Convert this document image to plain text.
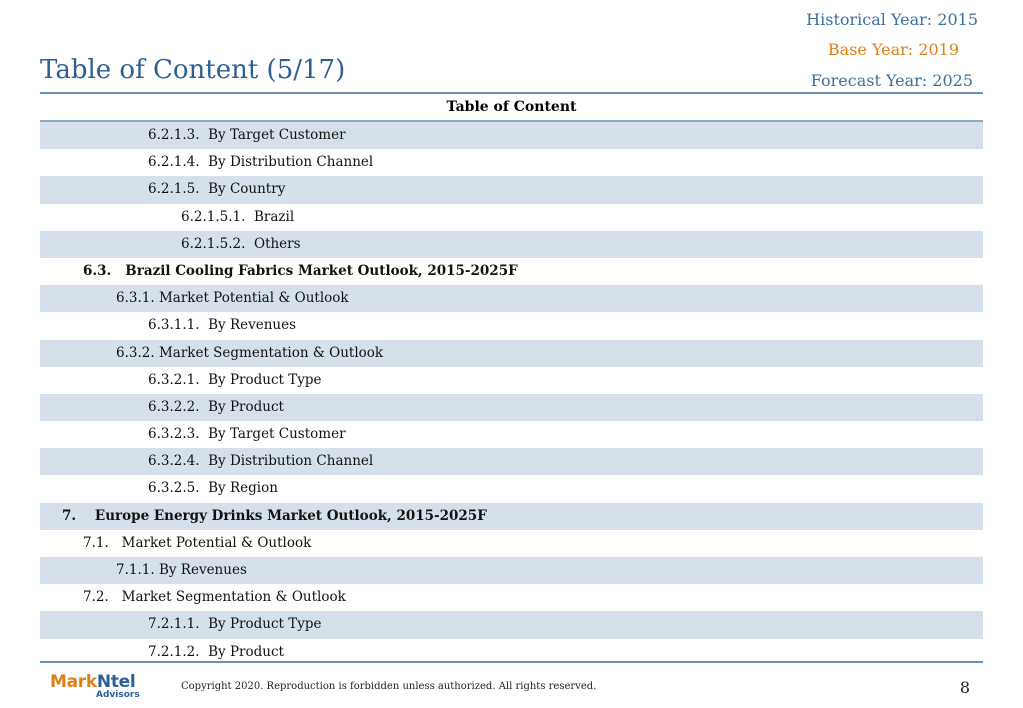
Historical Year: 2015
Base Year: 2019
Forecast Year: 2025
Table of Content (5/17)
Table of Content
6.2.1.3. By Target Customer
6.2.1.4. By Distribution Channel
6.2.1.5. By Country
6.2.1.5.1. Brazil
6.2.1.5.2. Others
6.3. Brazil Cooling Fabrics Market Outlook, 2015-2025F
6.3.1. Market Potential & Outlook
6.3.1.1. By Revenues
6.3.2. Market Segmentation & Outlook
6.3.2.1. By Product Type
6.3.2.2. By Product
6.3.2.3. By Target Customer
6.3.2.4. By Distribution Channel
6.3.2.5. By Region
7. Europe Energy Drinks Market Outlook, 2015-2025F
7.1. Market Potential & Outlook
7.1.1. By Revenues
7.2. Market Segmentation & Outlook
7.2.1.1. By Product Type
7.2.1.2. By Product
MarkNtel
Advisors
Copyright 2020. Reproduction is forbidden unless authorized. All rights reserved.	8
